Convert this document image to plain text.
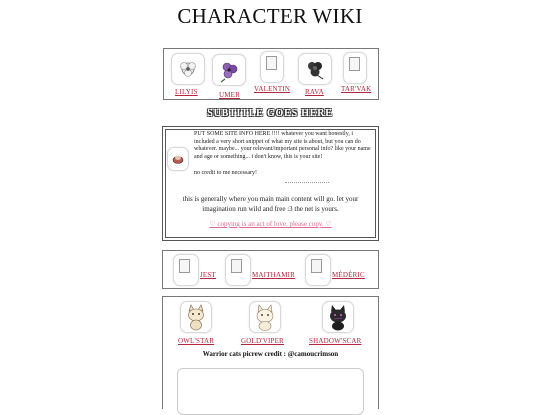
CHARACTER WIKI
LILYIS	UMER
VALENTIN RAVA TAR'VAK
SUBTITLE GOES HERE
PUT SOME SITE INFO HERE !!!! whatever you want honestly, i included a very short snippet of what my site is about, but you can do whatever. maybe... your relevant/important personal info? like your name and age or something... i don't know, this is your site!
no credit to me necessary!
this is generally where you main main content will go. let your imagination run wild and free :3 the net is yours.
♡ copying is an act of love. please copy. ♡
JEST	MAITHAMIR	MÉDÉRIC
OWL'STAR	GOLD'VIPER	SHADOW'SCAR
Warrior cats picrew credit : @camoucrimson
